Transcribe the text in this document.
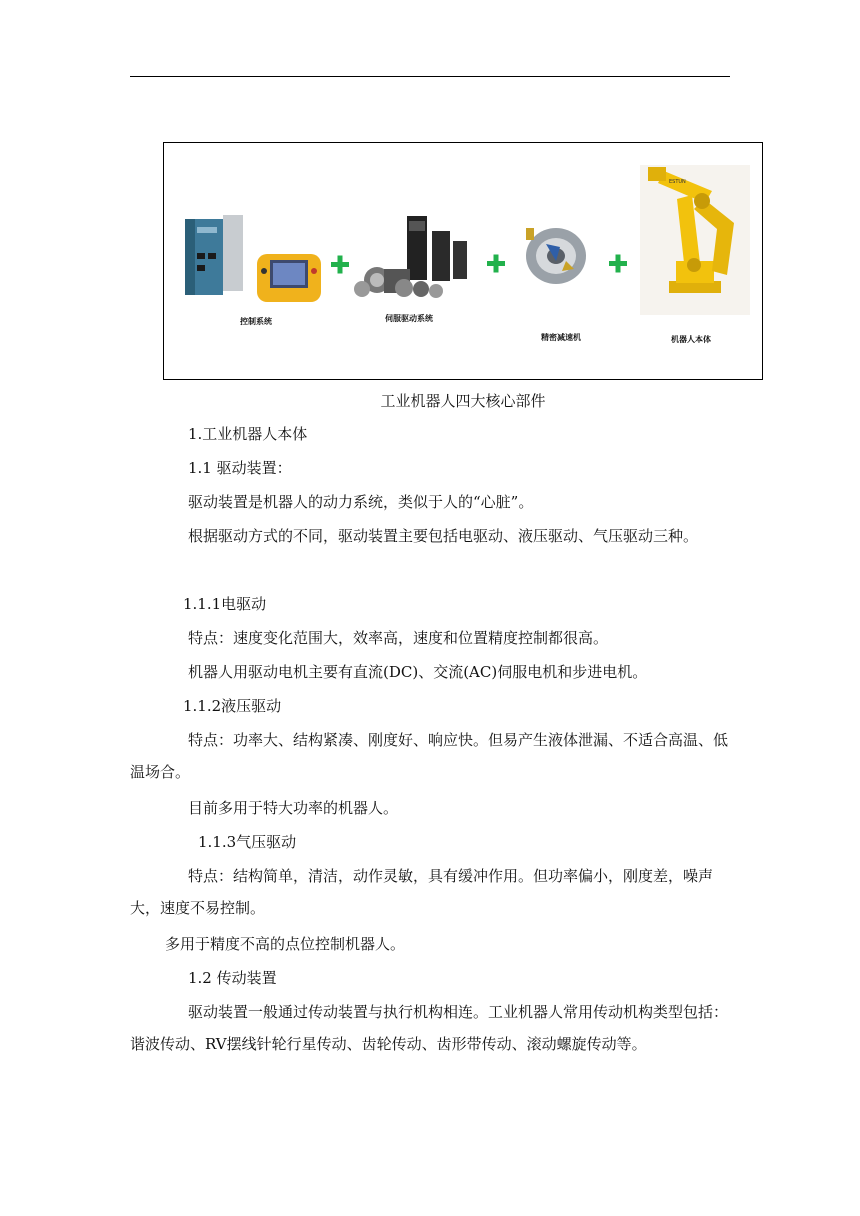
ESTUN
控制系统	伺服驱动系统
精密减速机	机器人本体
工业机器人四大核心部件

1.工业机器人本体

1.1 驱动装置：

驱动装置是机器人的动力系统，类似于人的“心脏”。

根据驱动方式的不同，驱动装置主要包括电驱动、液压驱动、气压驱动三种。

1.1.1电驱动

特点：速度变化范围大，效率高，速度和位置精度控制都很高。

机器人用驱动电机主要有直流(DC)、交流(AC)伺服电机和步进电机。

1.1.2液压驱动

特点：功率大、结构紧凑、刚度好、响应快。但易产生液体泄漏、不适合高温、低温场合。

目前多用于特大功率的机器人。

1.1.3气压驱动

特点：结构简单，清洁，动作灵敏，具有缓冲作用。但功率偏小，刚度差，噪声大，速度不易控制。

多用于精度不高的点位控制机器人。

1.2 传动装置

驱动装置一般通过传动装置与执行机构相连。工业机器人常用传动机构类型包括：谐波传动、RV摆线针轮行星传动、齿轮传动、齿形带传动、滚动螺旋传动等。
